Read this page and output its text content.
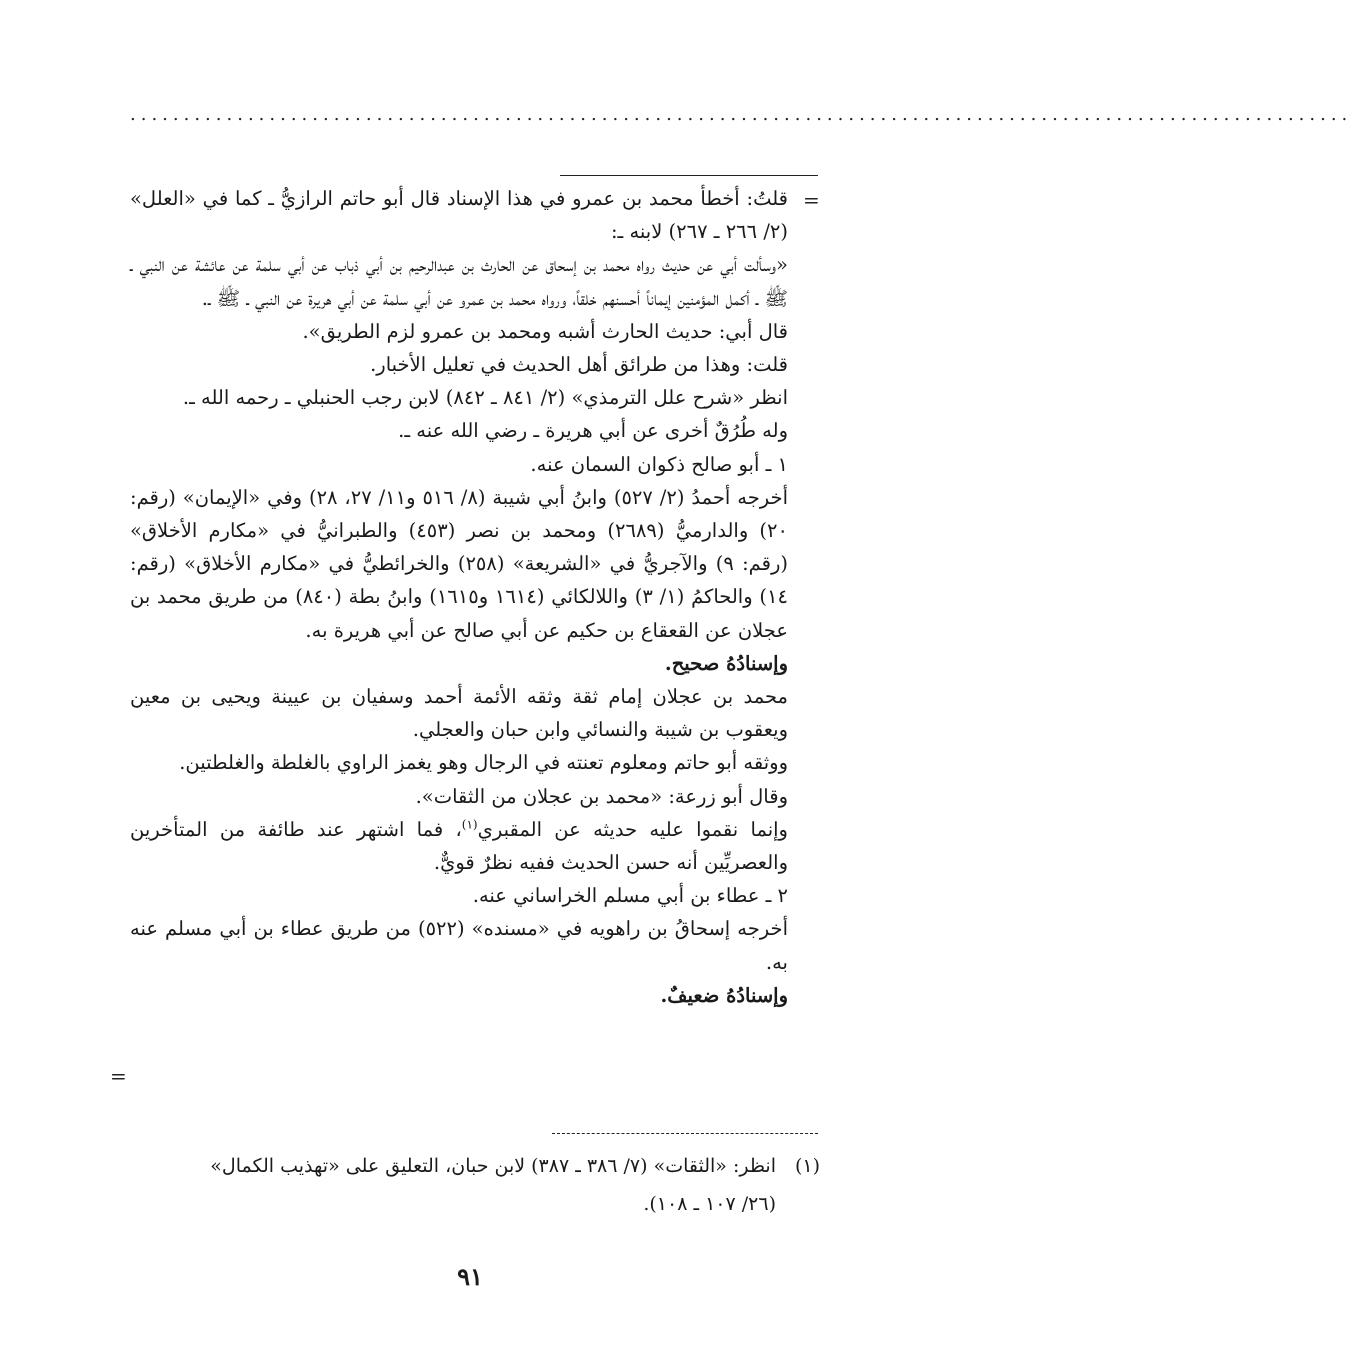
..................................................................................................................
=

قلتُ: أخطأ محمد بن عمرو في هذا الإسناد قال أبو حاتم الرازيُّ ـ كما في «العلل» (٢/ ٢٦٦ ـ ٢٦٧) لابنه ـ:

«وسألت أبي عن حديث رواه محمد بن إسحاق عن الحارث بن عبدالرحيم بن أبي ذباب عن أبي سلمة عن عائشة عن النبي ـ ﷺ ـ أكمل المؤمنين إيماناً أحسنهم خلقاً، ورواه محمد بن عمرو عن أبي سلمة عن أبي هريرة عن النبي ـ ﷺ ـ.

قال أبي: حديث الحارث أشبه ومحمد بن عمرو لزم الطريق».

قلت: وهذا من طرائق أهل الحديث في تعليل الأخبار.

انظر «شرح علل الترمذي» (٢/ ٨٤١ ـ ٨٤٢) لابن رجب الحنبلي ـ رحمه الله ـ.

وله طُرُقٌ أخرى عن أبي هريرة ـ رضي الله عنه ـ.

١ ـ أبو صالح ذكوان السمان عنه.

أخرجه أحمدُ (٢/ ٥٢٧) وابنُ أبي شيبة (٨/ ٥١٦ و١١/ ٢٧، ٢٨) وفي «الإيمان» (رقم: ٢٠) والدارميُّ (٢٦٨٩) ومحمد بن نصر (٤٥٣) والطبرانيُّ في «مكارم الأخلاق» (رقم: ٩) والآجريُّ في «الشريعة» (٢٥٨) والخرائطيُّ في «مكارم الأخلاق» (رقم: ١٤) والحاكمُ (١/ ٣) واللالكائي (١٦١٤ و١٦١٥) وابنُ بطة (٨٤٠) من طريق محمد بن عجلان عن القعقاع بن حكيم عن أبي صالح عن أبي هريرة به.

وإسنادُهُ صحيح.

محمد بن عجلان إمام ثقة وثقه الأئمة أحمد وسفيان بن عيينة ويحيى بن معين ويعقوب بن شيبة والنسائي وابن حبان والعجلي.

ووثقه أبو حاتم ومعلوم تعنته في الرجال وهو يغمز الراوي بالغلطة والغلطتين.

وقال أبو زرعة: «محمد بن عجلان من الثقات».

وإنما نقموا عليه حديثه عن المقبري$^{(١)}$، فما اشتهر عند طائفة من المتأخرين والعصريِّين أنه حسن الحديث ففيه نظرٌ قويٌّ.

٢ ـ عطاء بن أبي مسلم الخراساني عنه.

أخرجه إسحاقُ بن راهويه في «مسنده» (٥٢٢) من طريق عطاء بن أبي مسلم عنه به.

وإسنادُهُ ضعيفٌ.

=

(١)انظر: «الثقات» (٧/ ٣٨٦ ـ ٣٨٧) لابن حبان، التعليق على «تهذيب الكمال»

(٢٦/ ١٠٧ ـ ١٠٨).

٩١
